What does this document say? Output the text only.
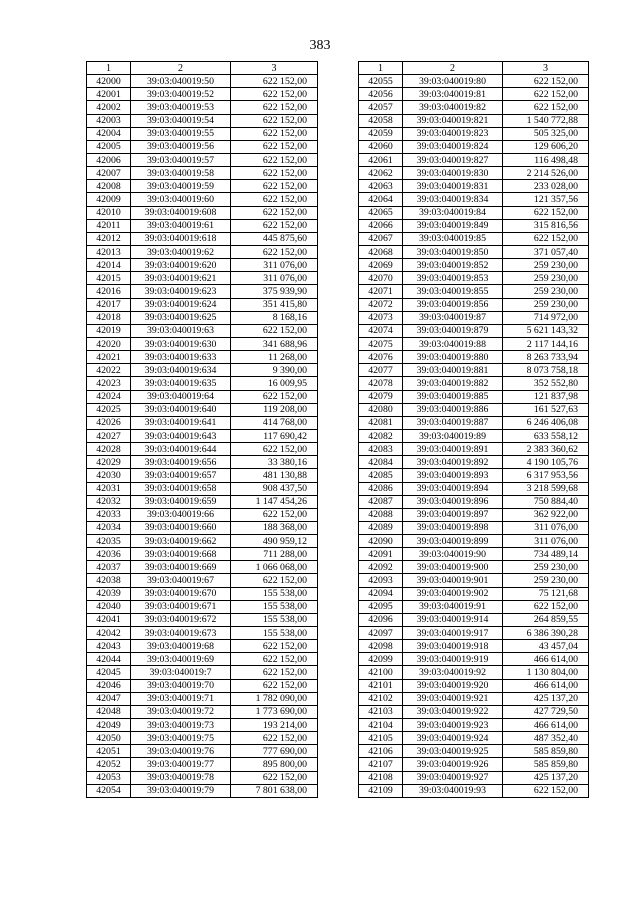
383
1	2	3
42000	39:03:040019:50	622 152,00
42001	39:03:040019:52	622 152,00
42002	39:03:040019:53	622 152,00
42003	39:03:040019:54	622 152,00
42004	39:03:040019:55	622 152,00
42005	39:03:040019:56	622 152,00
42006	39:03:040019:57	622 152,00
42007	39:03:040019:58	622 152,00
42008	39:03:040019:59	622 152,00
42009	39:03:040019:60	622 152,00
42010	39:03:040019:608	622 152,00
42011	39:03:040019:61	622 152,00
42012	39:03:040019:618	445 875,60
42013	39:03:040019:62	622 152,00
42014	39:03:040019:620	311 076,00
42015	39:03:040019:621	311 076,00
42016	39:03:040019:623	375 939,90
42017	39:03:040019:624	351 415,80
42018	39:03:040019:625	8 168,16
42019	39:03:040019:63	622 152,00
42020	39:03:040019:630	341 688,96
42021	39:03:040019:633	11 268,00
42022	39:03:040019:634	9 390,00
42023	39:03:040019:635	16 009,95
42024	39:03:040019:64	622 152,00
42025	39:03:040019:640	119 208,00
42026	39:03:040019:641	414 768,00
42027	39:03:040019:643	117 690,42
42028	39:03:040019:644	622 152,00
42029	39:03:040019:656	33 380,16
42030	39:03:040019:657	481 130,88
42031	39:03:040019:658	908 437,50
42032	39:03:040019:659	1 147 454,26
42033	39:03:040019:66	622 152,00
42034	39:03:040019:660	188 368,00
42035	39:03:040019:662	490 959,12
42036	39:03:040019:668	711 288,00
42037	39:03:040019:669	1 066 068,00
42038	39:03:040019:67	622 152,00
42039	39:03:040019:670	155 538,00
42040	39:03:040019:671	155 538,00
42041	39:03:040019:672	155 538,00
42042	39:03:040019:673	155 538,00
42043	39:03:040019:68	622 152,00
42044	39:03:040019:69	622 152,00
42045	39:03:040019:7	622 152,00
42046	39:03:040019:70	622 152,00
42047	39:03:040019:71	1 782 090,00
42048	39:03:040019:72	1 773 690,00
42049	39:03:040019:73	193 214,00
42050	39:03:040019:75	622 152,00
42051	39:03:040019:76	777 690,00
42052	39:03:040019:77	895 800,00
42053	39:03:040019:78	622 152,00
42054	39:03:040019:79	7 801 638,00
1	2	3
42055	39:03:040019:80	622 152,00
42056	39:03:040019:81	622 152,00
42057	39:03:040019:82	622 152,00
42058	39:03:040019:821	1 540 772,88
42059	39:03:040019:823	505 325,00
42060	39:03:040019:824	129 606,20
42061	39:03:040019:827	116 498,48
42062	39:03:040019:830	2 214 526,00
42063	39:03:040019:831	233 028,00
42064	39:03:040019:834	121 357,56
42065	39:03:040019:84	622 152,00
42066	39:03:040019:849	315 816,56
42067	39:03:040019:85	622 152,00
42068	39:03:040019:850	371 057,40
42069	39:03:040019:852	259 230,00
42070	39:03:040019:853	259 230,00
42071	39:03:040019:855	259 230,00
42072	39:03:040019:856	259 230,00
42073	39:03:040019:87	714 972,00
42074	39:03:040019:879	5 621 143,32
42075	39:03:040019:88	2 117 144,16
42076	39:03:040019:880	8 263 733,94
42077	39:03:040019:881	8 073 758,18
42078	39:03:040019:882	352 552,80
42079	39:03:040019:885	121 837,98
42080	39:03:040019:886	161 527,63
42081	39:03:040019:887	6 246 406,08
42082	39:03:040019:89	633 558,12
42083	39:03:040019:891	2 383 360,62
42084	39:03:040019:892	4 190 105,76
42085	39:03:040019:893	6 317 953,56
42086	39:03:040019:894	3 218 599,68
42087	39:03:040019:896	750 884,40
42088	39:03:040019:897	362 922,00
42089	39:03:040019:898	311 076,00
42090	39:03:040019:899	311 076,00
42091	39:03:040019:90	734 489,14
42092	39:03:040019:900	259 230,00
42093	39:03:040019:901	259 230,00
42094	39:03:040019:902	75 121,68
42095	39:03:040019:91	622 152,00
42096	39:03:040019:914	264 859,55
42097	39:03:040019:917	6 386 390,28
42098	39:03:040019:918	43 457,04
42099	39:03:040019:919	466 614,00
42100	39:03:040019:92	1 130 804,00
42101	39:03:040019:920	466 614,00
42102	39:03:040019:921	425 137,20
42103	39:03:040019:922	427 729,50
42104	39:03:040019:923	466 614,00
42105	39:03:040019:924	487 352,40
42106	39:03:040019:925	585 859,80
42107	39:03:040019:926	585 859,80
42108	39:03:040019:927	425 137,20
42109	39:03:040019:93	622 152,00
